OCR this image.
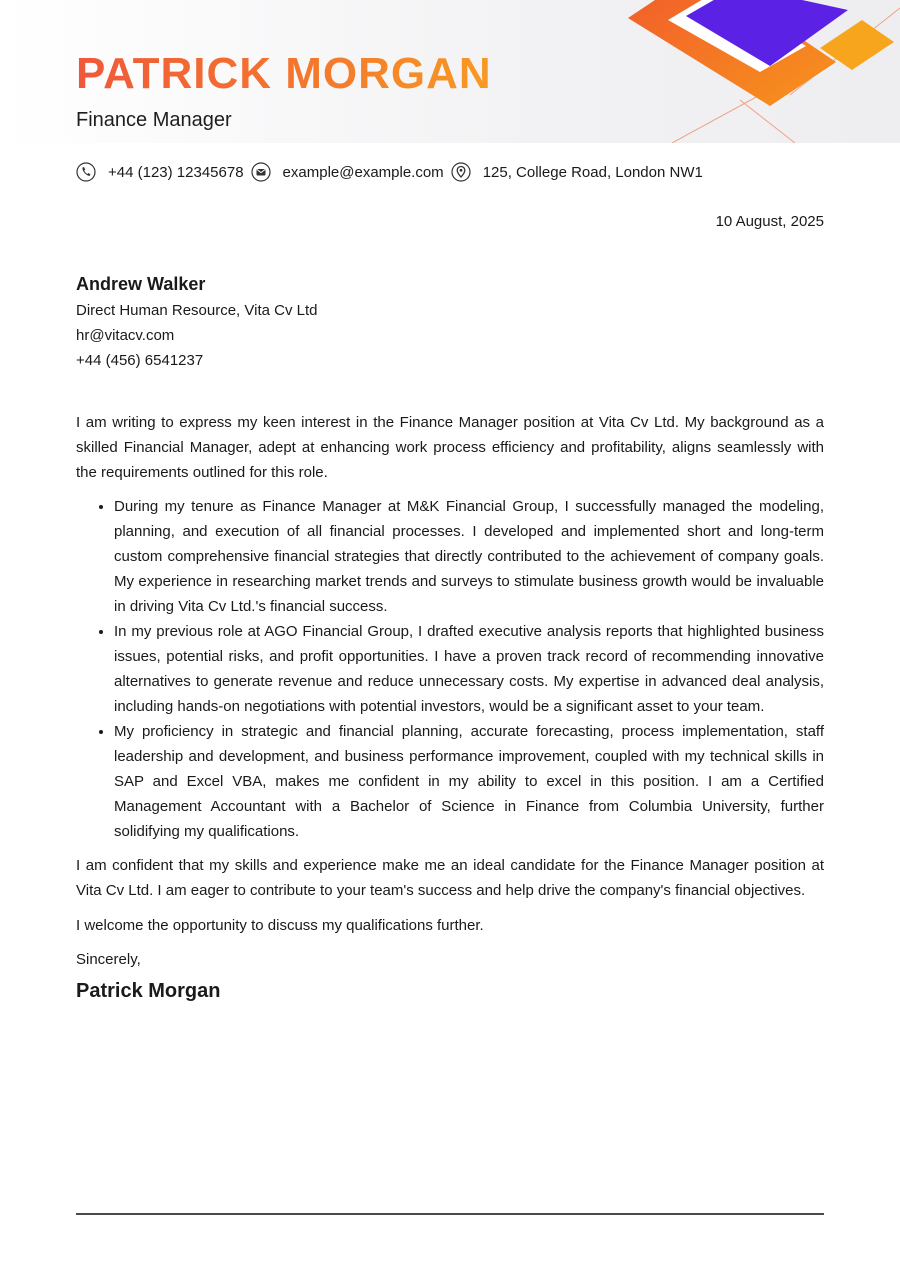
PATRICK MORGAN
Finance Manager
+44 (123) 12345678	example@example.com	125, College Road, London NW1
10 August, 2025
Andrew Walker
Direct Human Resource, Vita Cv Ltd
hr@vitacv.com
+44 (456) 6541237

I am writing to express my keen interest in the Finance Manager position at Vita Cv Ltd. My background as a skilled Financial Manager, adept at enhancing work process efficiency and profitability, aligns seamlessly with the requirements outlined for this role.

• During my tenure as Finance Manager at M&K Financial Group, I successfully managed the modeling, planning, and execution of all financial processes. I developed and implemented short and long-term custom comprehensive financial strategies that directly contributed to the achievement of company goals. My experience in researching market trends and surveys to stimulate business growth would be invaluable in driving Vita Cv Ltd.'s financial success.
• In my previous role at AGO Financial Group, I drafted executive analysis reports that highlighted business issues, potential risks, and profit opportunities. I have a proven track record of recommending innovative alternatives to generate revenue and reduce unnecessary costs. My expertise in advanced deal analysis, including hands-on negotiations with potential investors, would be a significant asset to your team.
• My proficiency in strategic and financial planning, accurate forecasting, process implementation, staff leadership and development, and business performance improvement, coupled with my technical skills in SAP and Excel VBA, makes me confident in my ability to excel in this position. I am a Certified Management Accountant with a Bachelor of Science in Finance from Columbia University, further solidifying my qualifications.

I am confident that my skills and experience make me an ideal candidate for the Finance Manager position at Vita Cv Ltd. I am eager to contribute to your team's success and help drive the company's financial objectives.

I welcome the opportunity to discuss my qualifications further.

Sincerely,

Patrick Morgan
